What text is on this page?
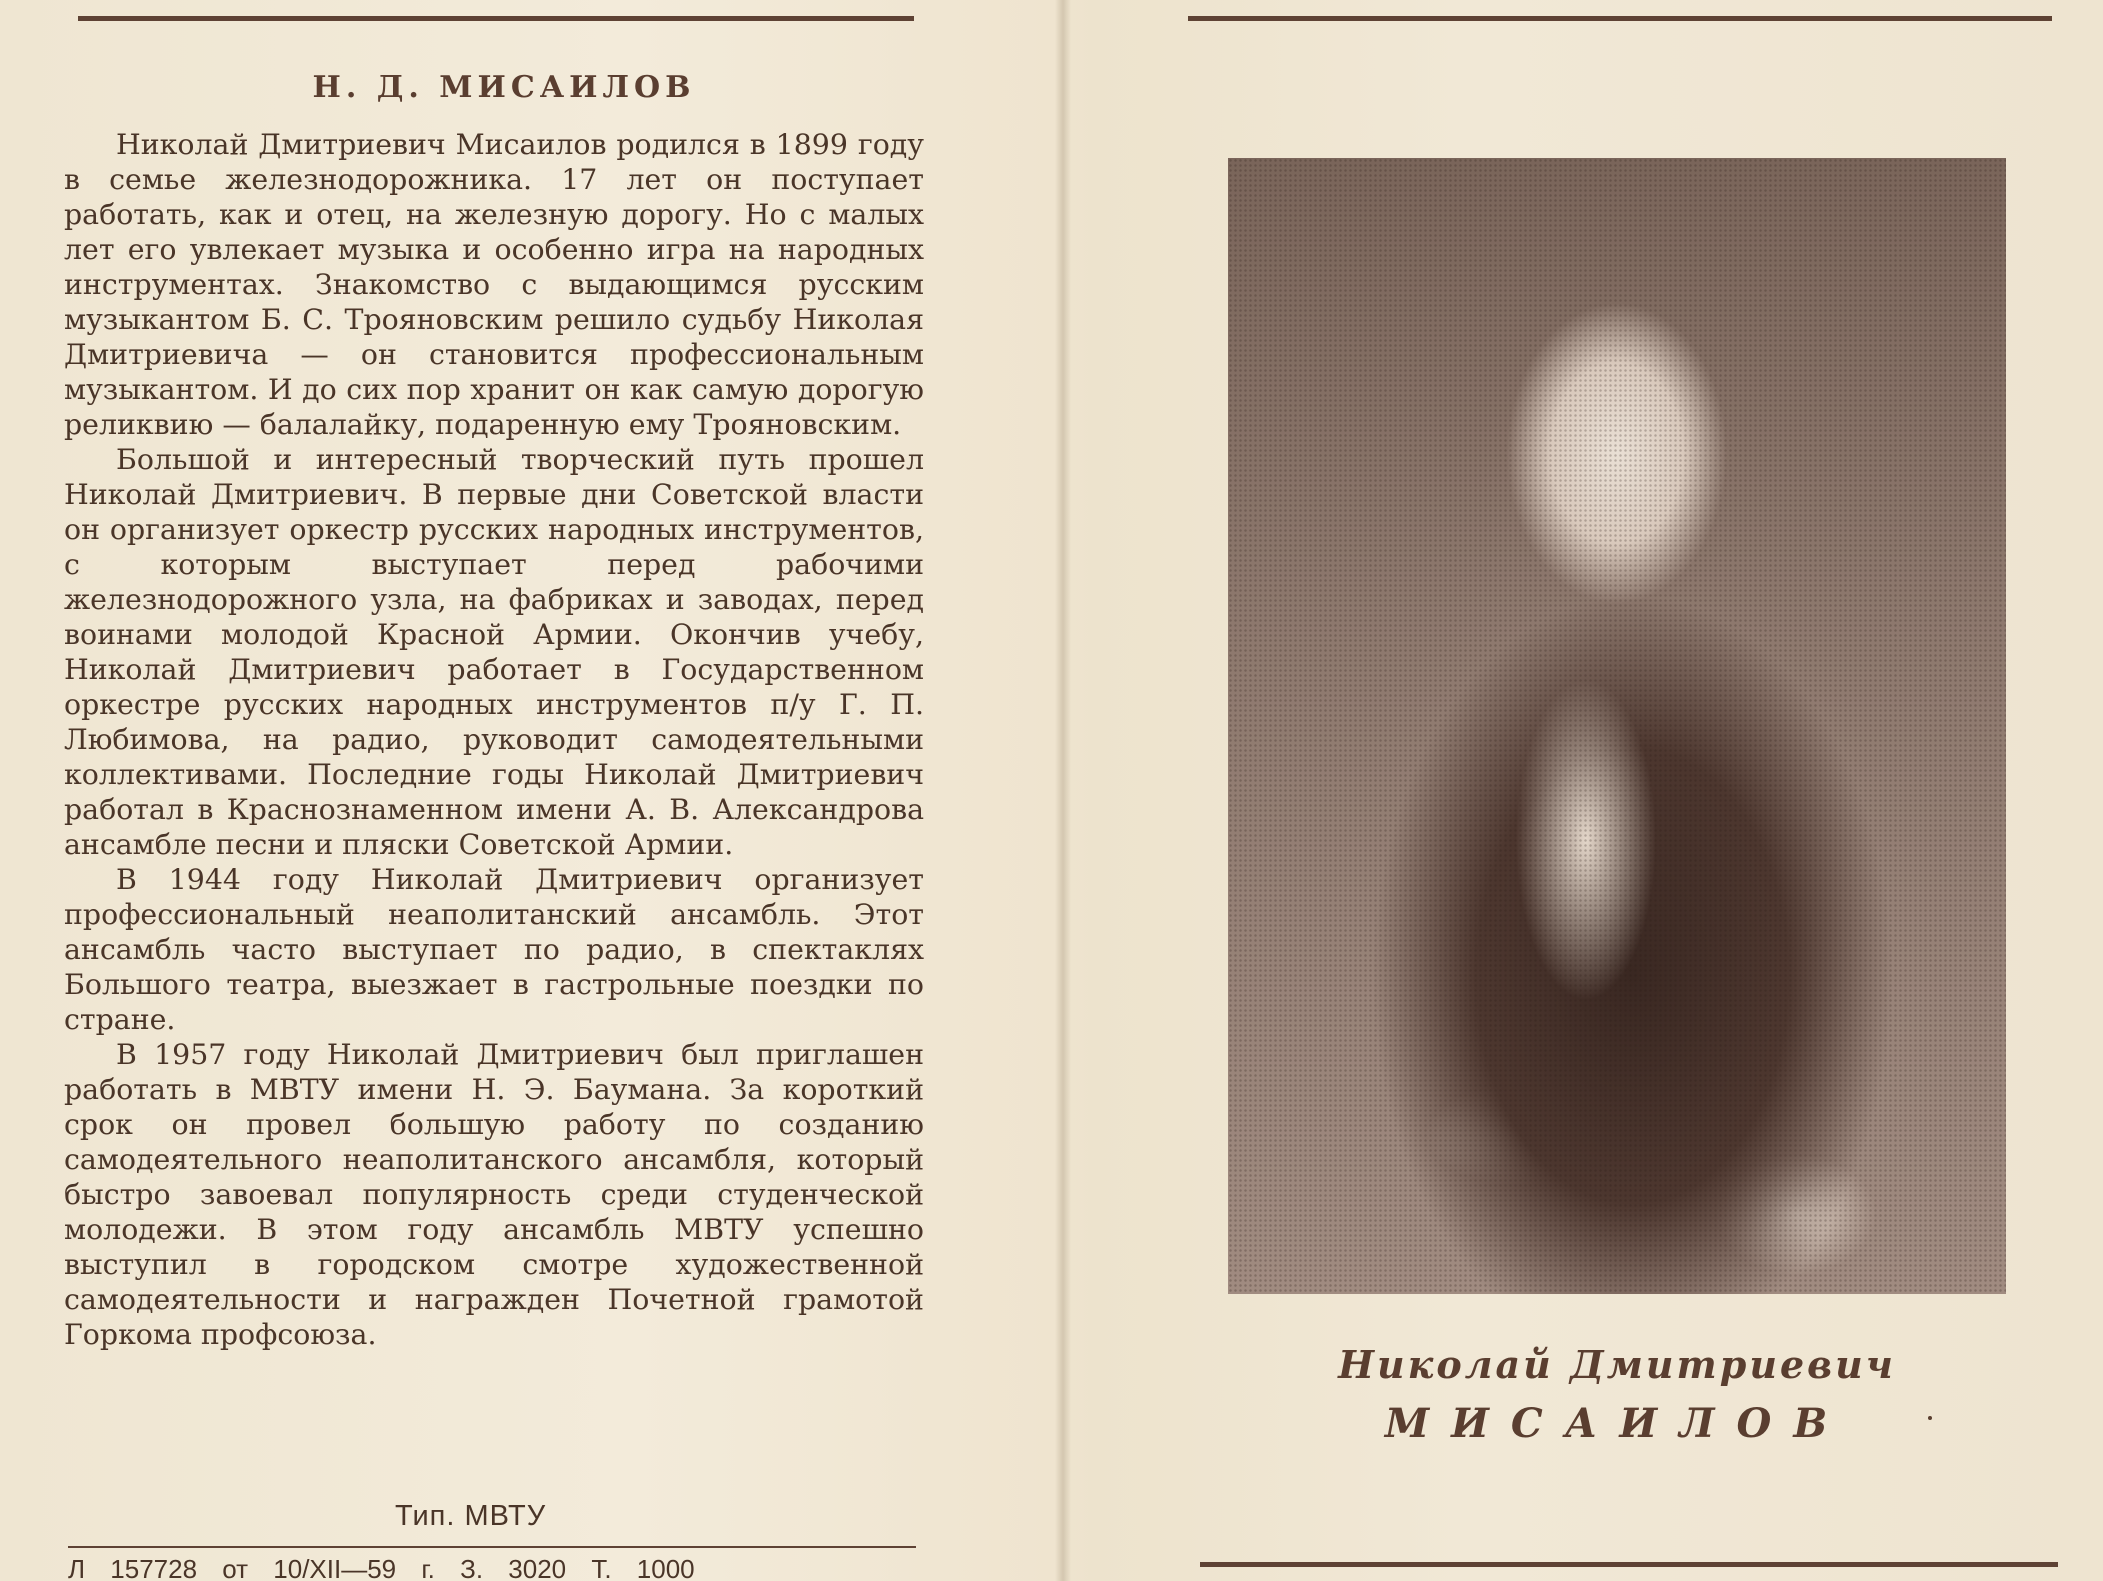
Н. Д. МИСАИЛОВ

Николай Дмитриевич Мисаилов родился в 1899 году в семье железнодорожника. 17 лет он поступает работать, как и отец, на железную дорогу. Но с малых лет его увлекает музыка и особенно игра на народных инструментах. Знакомство с выдающимся русским музыкантом Б. С. Трояновским решило судьбу Николая Дмитриевича — он становится профессиональным музыкантом. И до сих пор хранит он как самую дорогую реликвию — балалайку, подаренную ему Трояновским.

Большой и интересный творческий путь прошел Николай Дмитриевич. В первые дни Советской власти он организует оркестр русских народных инструментов, с которым выступает перед рабочими железнодорожного узла, на фабриках и заводах, перед воинами молодой Красной Армии. Окончив учебу, Николай Дмитриевич работает в Государственном оркестре русских народных инструментов п/у Г. П. Любимова, на радио, руководит самодеятельными коллективами. Последние годы Николай Дмитриевич работал в Краснознаменном имени А. В. Александрова ансамбле песни и пляски Советской Армии.

В 1944 году Николай Дмитриевич организует профессиональный неаполитанский ансамбль. Этот ансамбль часто выступает по радио, в спектаклях Большого театра, выезжает в гастрольные поездки по стране.

В 1957 году Николай Дмитриевич был приглашен работать в МВТУ имени Н. Э. Баумана. За короткий срок он провел большую работу по созданию самодеятельного неаполитанского ансамбля, который быстро завоевал популярность среди студенческой молодежи. В этом году ансамбль МВТУ успешно выступил в городском смотре художественной самодеятельности и награжден Почетной грамотой Горкома профсоюза.

Тип. МВТУ
Л 157728 от 10/XII—59 г. З. 3020 Т. 1000
Николай Дмитриевич
МИСАИЛОВ
